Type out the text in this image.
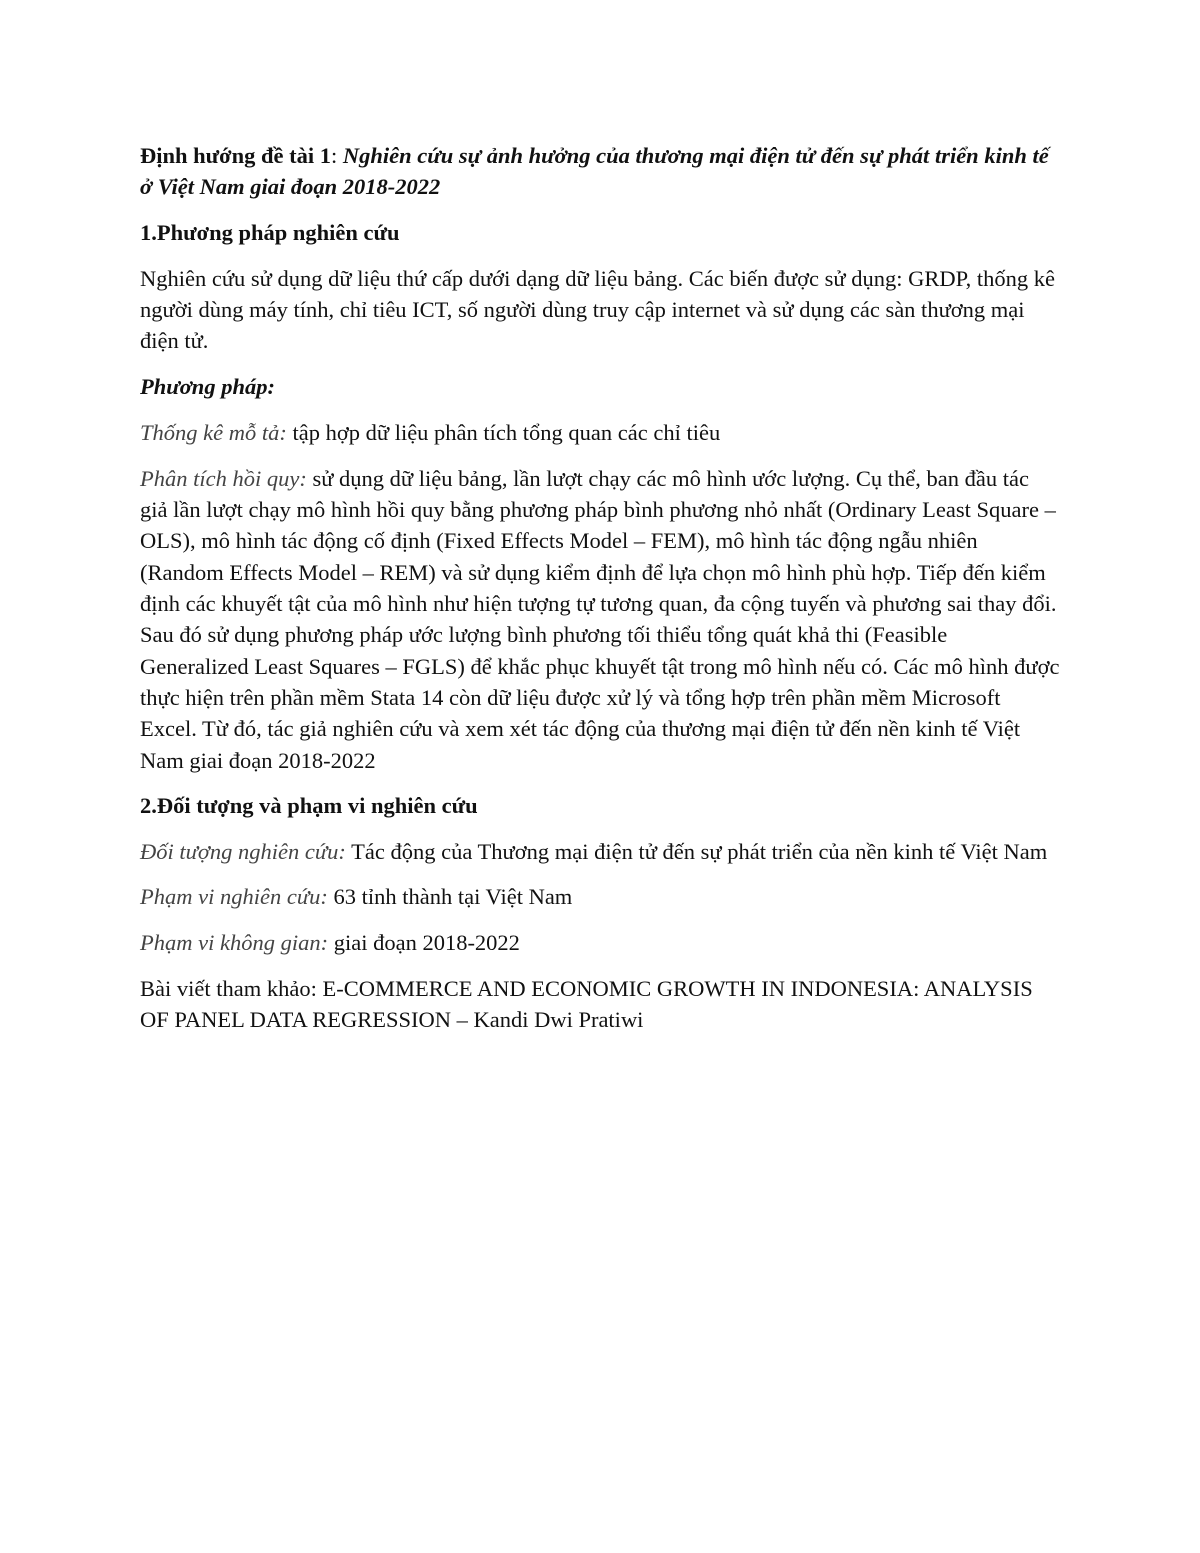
Định hướng đề tài 1: Nghiên cứu sự ảnh hưởng của thương mại điện tử đến sự phát triển kinh tế ở Việt Nam giai đoạn 2018-2022

1.Phương pháp nghiên cứu

Nghiên cứu sử dụng dữ liệu thứ cấp dưới dạng dữ liệu bảng. Các biến được sử dụng: GRDP, thống kê người dùng máy tính, chỉ tiêu ICT, số người dùng truy cập internet và sử dụng các sàn thương mại điện tử.

Phương pháp:

Thống kê mỗ tả: tập hợp dữ liệu phân tích tổng quan các chỉ tiêu

Phân tích hồi quy: sử dụng dữ liệu bảng, lần lượt chạy các mô hình ước lượng. Cụ thể, ban đầu tác giả lần lượt chạy mô hình hồi quy bằng phương pháp bình phương nhỏ nhất (Ordinary Least Square – OLS), mô hình tác động cố định (Fixed Effects Model – FEM), mô hình tác động ngẫu nhiên (Random Effects Model – REM) và sử dụng kiểm định để lựa chọn mô hình phù hợp. Tiếp đến kiểm định các khuyết tật của mô hình như hiện tượng tự tương quan, đa cộng tuyến và phương sai thay đổi. Sau đó sử dụng phương pháp ước lượng bình phương tối thiểu tổng quát khả thi (Feasible Generalized Least Squares – FGLS) để khắc phục khuyết tật trong mô hình nếu có. Các mô hình được thực hiện trên phần mềm Stata 14 còn dữ liệu được xử lý và tổng hợp trên phần mềm Microsoft Excel. Từ đó, tác giả nghiên cứu và xem xét tác động của thương mại điện tử đến nền kinh tế Việt Nam giai đoạn 2018-2022

2.Đối tượng và phạm vi nghiên cứu

Đối tượng nghiên cứu: Tác động của Thương mại điện tử đến sự phát triển của nền kinh tế Việt Nam

Phạm vi nghiên cứu: 63 tỉnh thành tại Việt Nam

Phạm vi không gian: giai đoạn 2018-2022

Bài viết tham khảo: E-COMMERCE AND ECONOMIC GROWTH IN INDONESIA: ANALYSIS OF PANEL DATA REGRESSION – Kandi Dwi Pratiwi
